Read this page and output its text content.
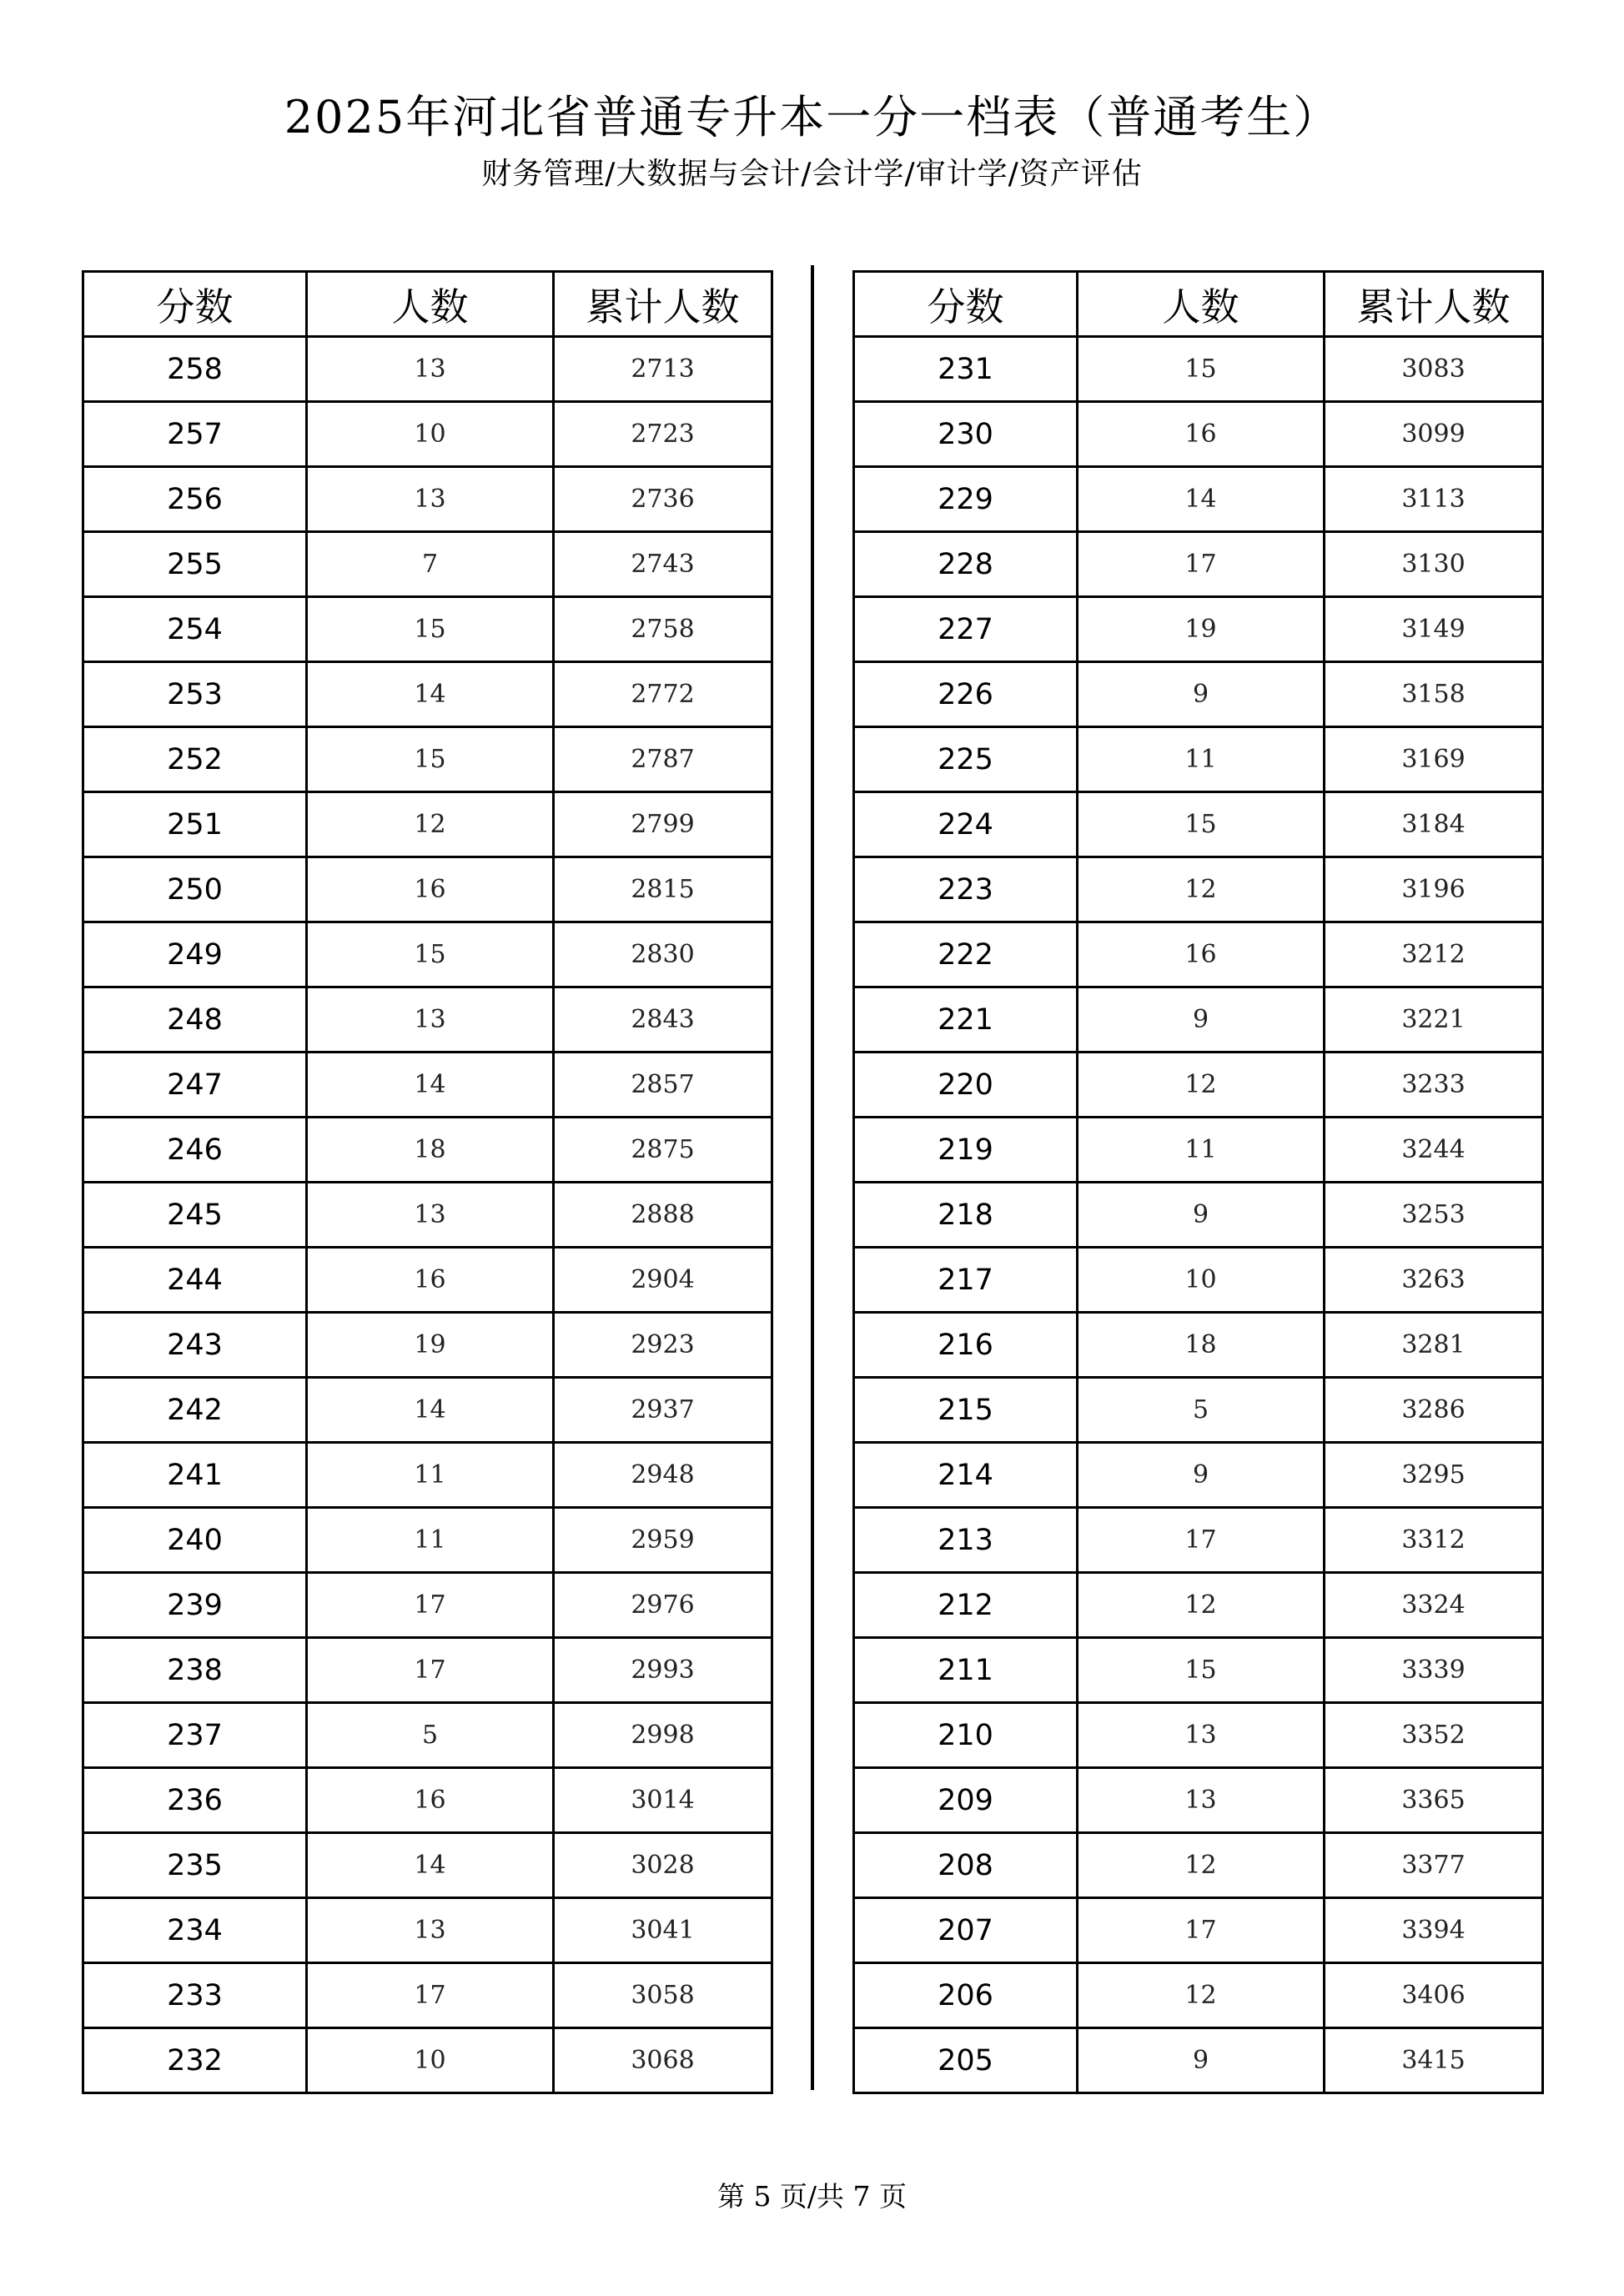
2025年河北省普通专升本一分一档表（普通考生）
财务管理/大数据与会计/会计学/审计学/资产评估
分数	人数	累计人数
258	13	2713
257	10	2723
256	13	2736
255	7	2743
254	15	2758
253	14	2772
252	15	2787
251	12	2799
250	16	2815
249	15	2830
248	13	2843
247	14	2857
246	18	2875
245	13	2888
244	16	2904
243	19	2923
242	14	2937
241	11	2948
240	11	2959
239	17	2976
238	17	2993
237	5	2998
236	16	3014
235	14	3028
234	13	3041
233	17	3058
232	10	3068
分数	人数	累计人数
231	15	3083
230	16	3099
229	14	3113
228	17	3130
227	19	3149
226	9	3158
225	11	3169
224	15	3184
223	12	3196
222	16	3212
221	9	3221
220	12	3233
219	11	3244
218	9	3253
217	10	3263
216	18	3281
215	5	3286
214	9	3295
213	17	3312
212	12	3324
211	15	3339
210	13	3352
209	13	3365
208	12	3377
207	17	3394
206	12	3406
205	9	3415
第 5 页/共 7 页
